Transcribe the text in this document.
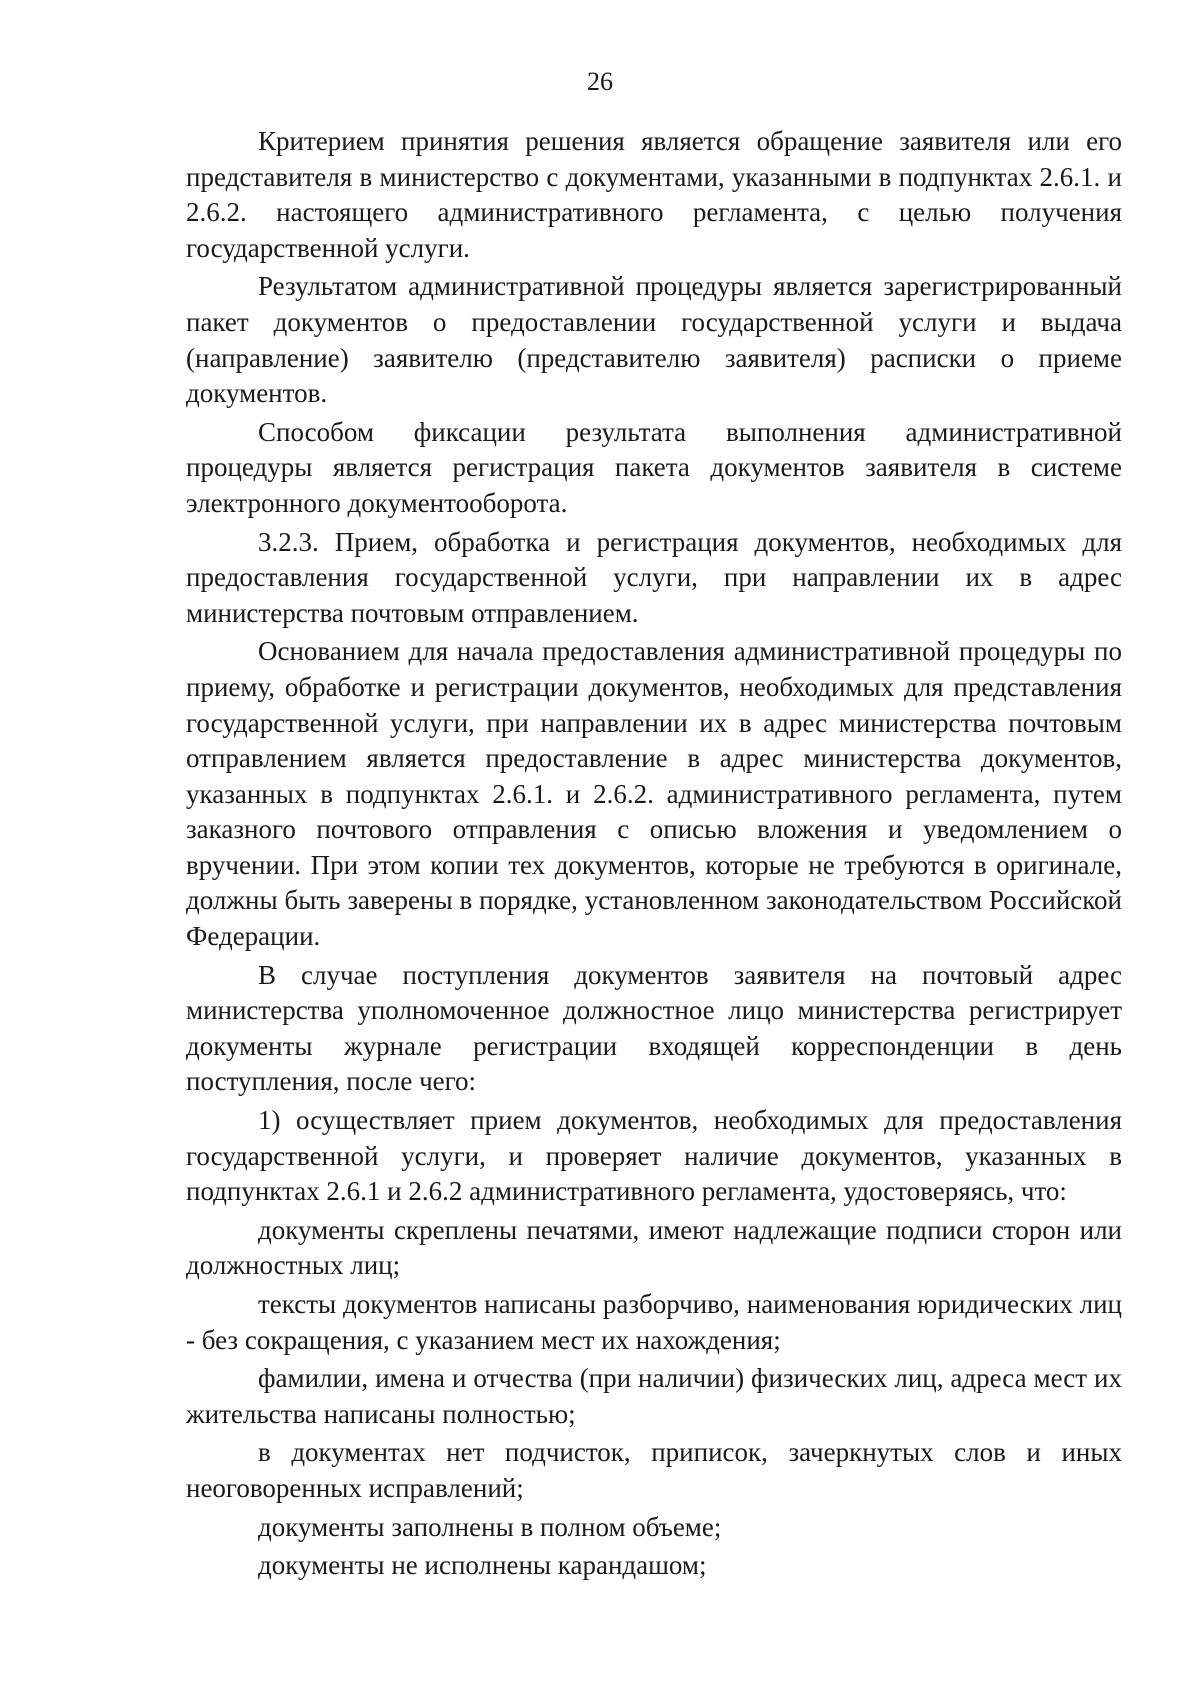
26

Критерием принятия решения является обращение заявителя или его представителя в министерство с документами, указанными в подпунктах 2.6.1. и 2.6.2. настоящего административного регламента, с целью получения государственной услуги.

Результатом административной процедуры является зарегистрированный пакет документов о предоставлении государственной услуги и выдача (направление) заявителю (представителю заявителя) расписки о приеме документов.

Способом фиксации результата выполнения административной процедуры является регистрация пакета документов заявителя в системе электронного документооборота.

3.2.3. Прием, обработка и регистрация документов, необходимых для предоставления государственной услуги, при направлении их в адрес министерства почтовым отправлением.

Основанием для начала предоставления административной процедуры по приему, обработке и регистрации документов, необходимых для представления государственной услуги, при направлении их в адрес министерства почтовым отправлением является предоставление в адрес министерства документов, указанных в подпунктах 2.6.1. и 2.6.2. административного регламента, путем заказного почтового отправления с описью вложения и уведомлением о вручении. При этом копии тех документов, которые не требуются в оригинале, должны быть заверены в порядке, установленном законодательством Российской Федерации.

В случае поступления документов заявителя на почтовый адрес министерства уполномоченное должностное лицо министерства регистрирует документы журнале регистрации входящей корреспонденции в день поступления, после чего:

1) осуществляет прием документов, необходимых для предоставления государственной услуги, и проверяет наличие документов, указанных в подпунктах 2.6.1 и 2.6.2 административного регламента, удостоверяясь, что:

документы скреплены печатями, имеют надлежащие подписи сторон или должностных лиц;

тексты документов написаны разборчиво, наименования юридических лиц - без сокращения, с указанием мест их нахождения;

фамилии, имена и отчества (при наличии) физических лиц, адреса мест их жительства написаны полностью;

в документах нет подчисток, приписок, зачеркнутых слов и иных неоговоренных исправлений;

документы заполнены в полном объеме;

документы не исполнены карандашом;
